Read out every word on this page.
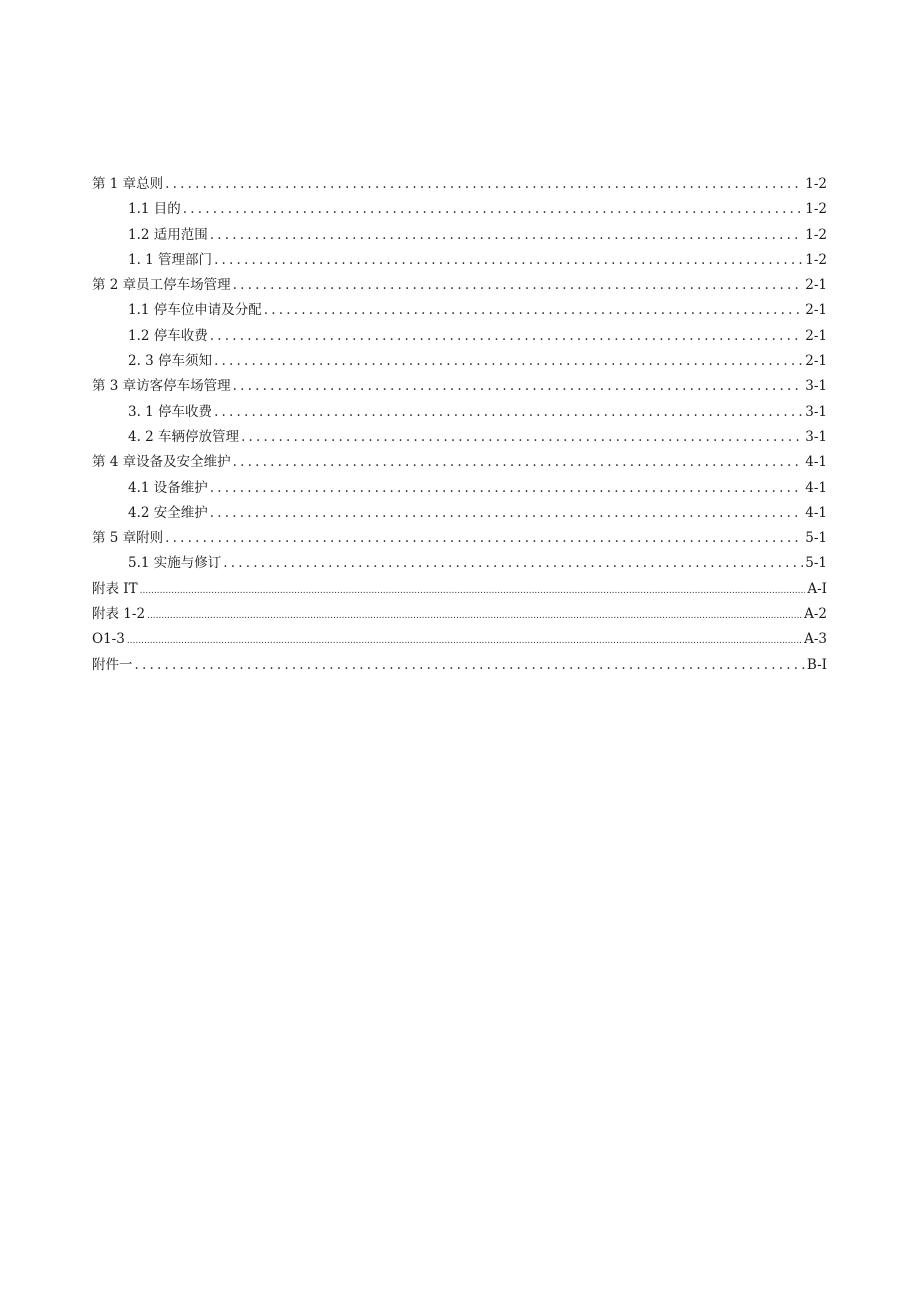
第 1 章总则 .....	1-2
1.1 目的 .....	1-2
1.2 适用范围 .....	1-2
1. 1 管理部门 .....	1-2
第 2 章员工停车场管理 .....	2-1
1.1 停车位申请及分配 .....	2-1
1.2 停车收费 .....	2-1
2. 3 停车须知 .....	2-1
第 3 章访客停车场管理 .....	3-1
3. 1 停车收费 .....	3-1
4. 2 车辆停放管理 .....	3-1
第 4 章设备及安全维护 .....	4-1
4.1 设备维护 .....	4-1
4.2 安全维护 .....	4-1
第 5 章附则 .....	5-1
5.1 实施与修订 .....	5-1
附表 IT .....	A-I
附表 1-2 .....	A-2
O1-3 .....	A-3
附件一 .....	B-I
